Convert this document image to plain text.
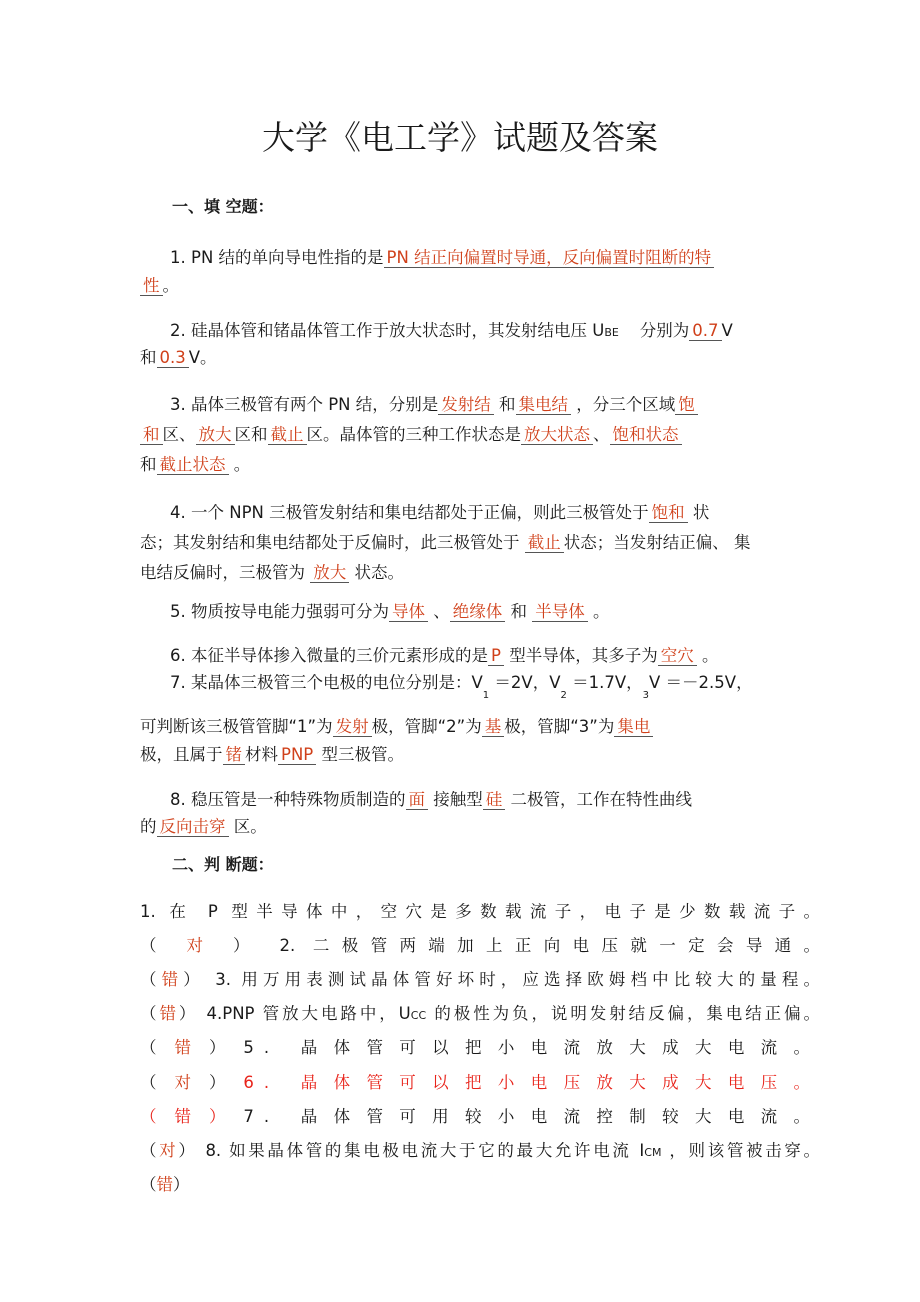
大学《电工学》试题及答案
一、填 空题：
1. PN 结的单向导电性指的是 PN 结正向偏置时导通，反向偏置时阻断的特
性 。
2. 硅晶体管和锗晶体管工作于放大状态时，其发射结电压 UBE 分别为 0.7 V
和 0.3 V。
3. 晶体三极管有两个 PN 结，分别是 发射结 和 集电结 ，分三个区域 饱
和 区、 放大 区和 截止 区。晶体管的三种工作状态是 放大状态 、 饱和状态
和 截止状态 。
4. 一个 NPN 三极管发射结和集电结都处于正偏，则此三极管处于 饱和 状
态；其发射结和集电结都处于反偏时，此三极管处于 截止 状态；当发射结正偏、 集
电结反偏时，三极管为 放大 状态。
5. 物质按导电能力强弱可分为 导体 、 绝缘体 和 半导体 。
6. 本征半导体掺入微量的三价元素形成的是 P 型半导体，其多子为 空穴 。
7. 某晶体三极管三个电极的电位分别是：$V_1 =2V$，$V_2 =1.7V$，$_3$V ＝－2.5V，
可判断该三极管管脚“1”为 发射 极，管脚“2”为 基 极，管脚“3”为 集电
极，且属于 锗 材料 PNP 型三极管。
8. 稳压管是一种特殊物质制造的 面 接触型 硅 二极管，工作在特性曲线
的 反向击穿 区。
二、判 断题：
1. 在 P 型半导体中，空穴是多数载流子，电子是少数载流子。
（ 对 ） 2. 二极管两端加上正向电压就一定会导通。
（错） 3. 用万用表测试晶体管好坏时，应选择欧姆档中比较大的量程。
（错） 4.PNP 管放大电路中，UCC 的极性为负，说明发射结反偏，集电结正偏。
（ 错 ） 5. 晶体管可以把小电流放大成大电流。
（ 对 ） 6. 晶体管可以把小电压放大成大电压。
（ 错 ） 7. 晶体管可用较小电流控制较大电流。
（对） 8. 如果晶体管的集电极电流大于它的最大允许电流 ICM ，则该管被击穿。
（错）
